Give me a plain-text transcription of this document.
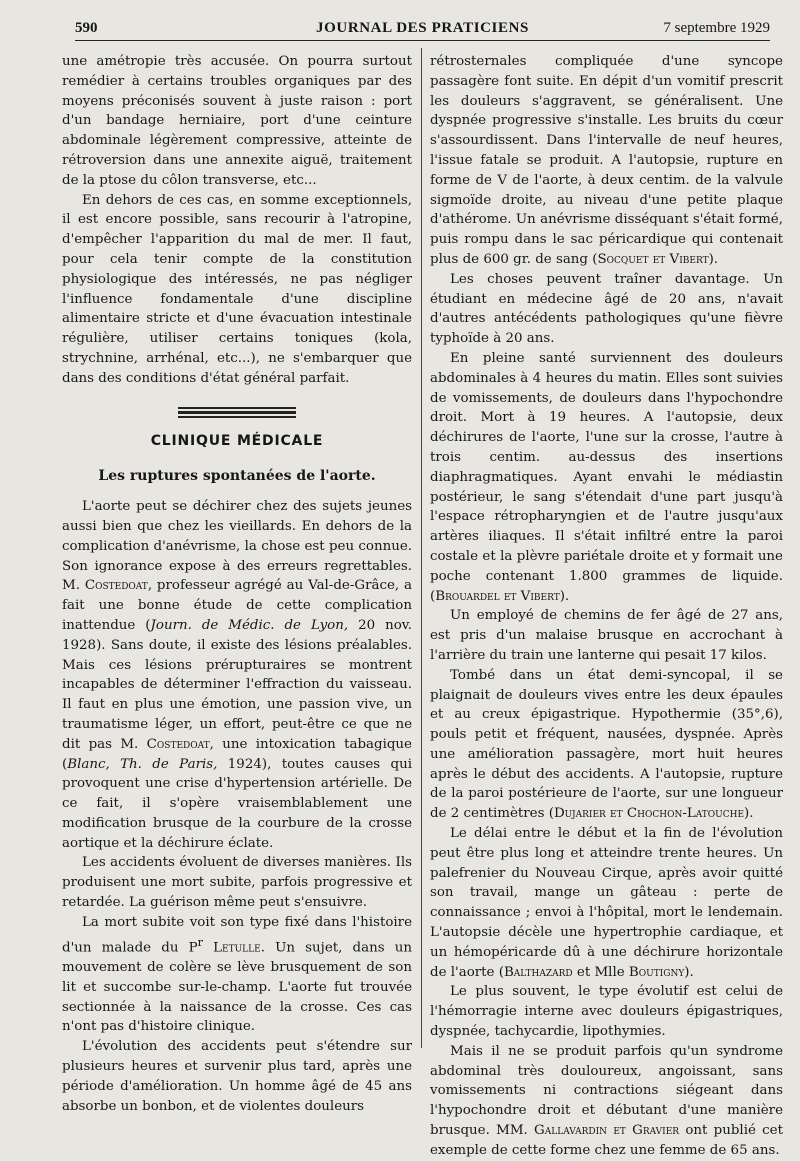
590	JOURNAL DES PRATICIENS	7 septembre 1929

une amétropie très accusée. On pourra surtout remédier à certains troubles organiques par des moyens préconisés souvent à juste raison : port d'un bandage herniaire, port d'une ceinture abdominale légèrement compressive, atteinte de rétroversion dans une annexite aiguë, traitement de la ptose du côlon transverse, etc...

En dehors de ces cas, en somme exceptionnels, il est encore possible, sans recourir à l'atropine, d'empêcher l'apparition du mal de mer. Il faut, pour cela tenir compte de la constitution physiologique des intéressés, ne pas négliger l'influence fondamentale d'une discipline alimentaire stricte et d'une évacuation intestinale régulière, utiliser certains toniques (kola, strychnine, arrhénal, etc...), ne s'embarquer que dans des conditions d'état général parfait.

CLINIQUE MÉDICALE
Les ruptures spontanées de l'aorte.

L'aorte peut se déchirer chez des sujets jeunes aussi bien que chez les vieillards. En dehors de la complication d'anévrisme, la chose est peu connue. Son ignorance expose à des erreurs regrettables. M. Costedoat, professeur agrégé au Val-de-Grâce, a fait une bonne étude de cette complication inattendue (Journ. de Médic. de Lyon, 20 nov. 1928). Sans doute, il existe des lésions préalables. Mais ces lésions prérupturaires se montrent incapables de déterminer l'effraction du vaisseau. Il faut en plus une émotion, une passion vive, un traumatisme léger, un effort, peut-être ce que ne dit pas M. Costedoat, une intoxication tabagique (Blanc, Th. de Paris, 1924), toutes causes qui provoquent une crise d'hypertension artérielle. De ce fait, il s'opère vraisemblablement une modification brusque de la courbure de la crosse aortique et la déchirure éclate.

Les accidents évoluent de diverses manières. Ils produisent une mort subite, parfois progressive et retardée. La guérison même peut s'ensuivre.

La mort subite voit son type fixé dans l'histoire d'un malade du $P^r$ Letulle. Un sujet, dans un mouvement de colère se lève brusquement de son lit et succombe sur-le-champ. L'aorte fut trouvée sectionnée à la naissance de la crosse. Ces cas n'ont pas d'histoire clinique.

L'évolution des accidents peut s'étendre sur plusieurs heures et survenir plus tard, après une période d'amélioration. Un homme âgé de 45 ans absorbe un bonbon, et de violentes douleurs

rétrosternales compliquée d'une syncope passagère font suite. En dépit d'un vomitif prescrit les douleurs s'aggravent, se généralisent. Une dyspnée progressive s'installe. Les bruits du cœur s'assourdissent. Dans l'intervalle de neuf heures, l'issue fatale se produit. A l'autopsie, rupture en forme de V de l'aorte, à deux centim. de la valvule sigmoïde droite, au niveau d'une petite plaque d'athérome. Un anévrisme disséquant s'était formé, puis rompu dans le sac péricardique qui contenait plus de 600 gr. de sang (Socquet et Vibert).

Les choses peuvent traîner davantage. Un étudiant en médecine âgé de 20 ans, n'avait d'autres antécédents pathologiques qu'une fièvre typhoïde à 20 ans.

En pleine santé surviennent des douleurs abdominales à 4 heures du matin. Elles sont suivies de vomissements, de douleurs dans l'hypochondre droit. Mort à 19 heures. A l'autopsie, deux déchirures de l'aorte, l'une sur la crosse, l'autre à trois centim. au-dessus des insertions diaphragmatiques. Ayant envahi le médiastin postérieur, le sang s'étendait d'une part jusqu'à l'espace rétropharyngien et de l'autre jusqu'aux artères iliaques. Il s'était infiltré entre la paroi costale et la plèvre pariétale droite et y formait une poche contenant 1.800 grammes de liquide. (Brouardel et Vibert).

Un employé de chemins de fer âgé de 27 ans, est pris d'un malaise brusque en accrochant à l'arrière du train une lanterne qui pesait 17 kilos.

Tombé dans un état demi-syncopal, il se plaignait de douleurs vives entre les deux épaules et au creux épigastrique. Hypothermie (35°,6), pouls petit et fréquent, nausées, dyspnée. Après une amélioration passagère, mort huit heures après le début des accidents. A l'autopsie, rupture de la paroi postérieure de l'aorte, sur une longueur de 2 centimètres (Dujarier et Chochon-Latouche).

Le délai entre le début et la fin de l'évolution peut être plus long et atteindre trente heures. Un palefrenier du Nouveau Cirque, après avoir quitté son travail, mange un gâteau : perte de connaissance ; envoi à l'hôpital, mort le lendemain. L'autopsie décèle une hypertrophie cardiaque, et un hémopéricarde dû à une déchirure horizontale de l'aorte (Balthazard et Mlle Boutigny).

Le plus souvent, le type évolutif est celui de l'hémorragie interne avec douleurs épigastriques, dyspnée, tachycardie, lipothymies.

Mais il ne se produit parfois qu'un syndrome abdominal très douloureux, angoissant, sans vomissements ni contractions siégeant dans l'hypochondre droit et débutant d'une manière brusque. MM. Gallavardin et Gravier ont publié cet exemple de cette forme chez une femme de 65 ans.
